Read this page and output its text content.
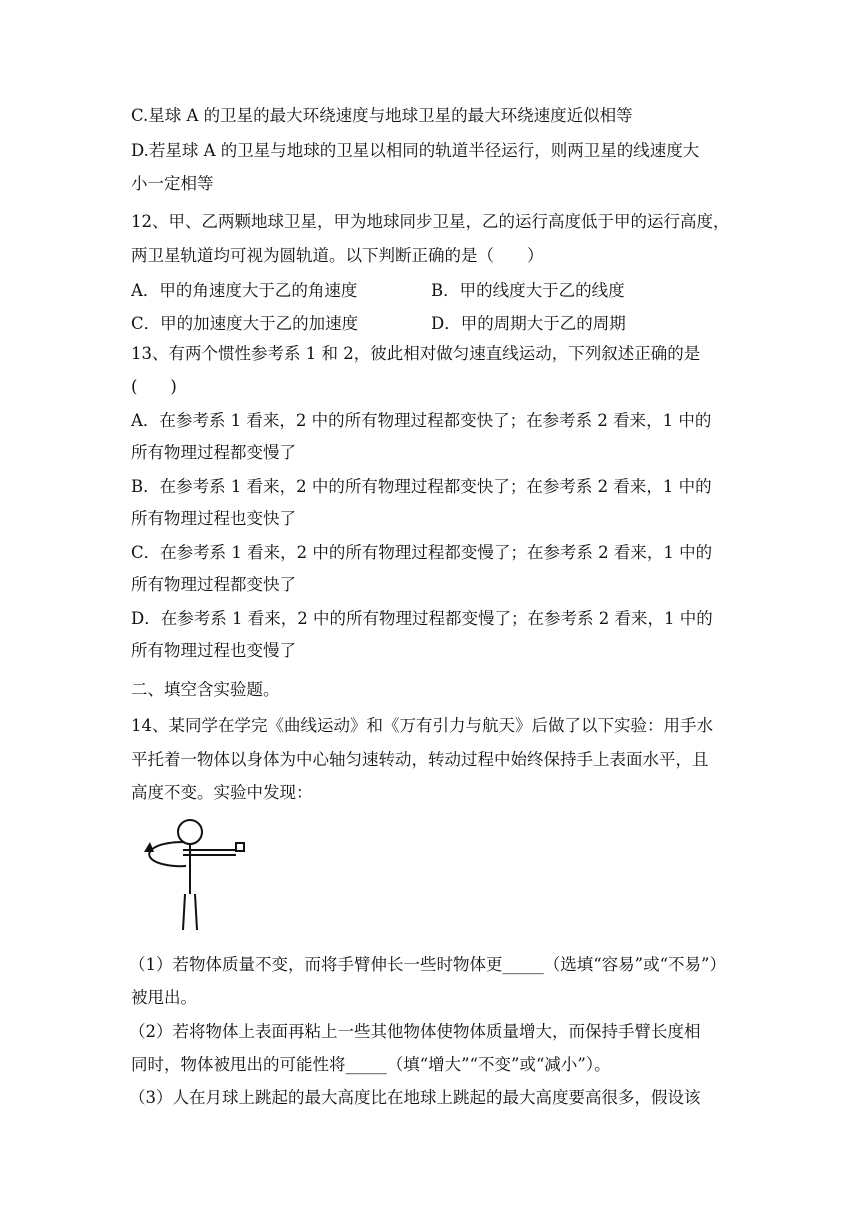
C.星球 A 的卫星的最大环绕速度与地球卫星的最大环绕速度近似相等
D.若星球 A 的卫星与地球的卫星以相同的轨道半径运行，则两卫星的线速度大
小一定相等
12、甲、乙两颗地球卫星，甲为地球同步卫星，乙的运行高度低于甲的运行高度，
两卫星轨道均可视为圆轨道。以下判断正确的是（　　）
A．甲的角速度大于乙的角速度	B．甲的线度大于乙的线度
C．甲的加速度大于乙的加速度	D．甲的周期大于乙的周期
13、有两个惯性参考系 1 和 2，彼此相对做匀速直线运动，下列叙述正确的是
(　　)
A．在参考系 1 看来，2 中的所有物理过程都变快了；在参考系 2 看来，1 中的
所有物理过程都变慢了
B．在参考系 1 看来，2 中的所有物理过程都变快了；在参考系 2 看来，1 中的
所有物理过程也变快了
C．在参考系 1 看来，2 中的所有物理过程都变慢了；在参考系 2 看来，1 中的
所有物理过程都变快了
D．在参考系 1 看来，2 中的所有物理过程都变慢了；在参考系 2 看来，1 中的
所有物理过程也变慢了
二、填空含实验题。
14、某同学在学完《曲线运动》和《万有引力与航天》后做了以下实验：用手水
平托着一物体以身体为中心轴匀速转动，转动过程中始终保持手上表面水平，且
高度不变。实验中发现：
（1）若物体质量不变，而将手臂伸长一些时物体更_____（选填“容易”或“不易”）
被甩出。
（2）若将物体上表面再粘上一些其他物体使物体质量增大，而保持手臂长度相
同时，物体被甩出的可能性将_____（填“增大”“不变”或“减小”）。
（3）人在月球上跳起的最大高度比在地球上跳起的最大高度要高很多，假设该
